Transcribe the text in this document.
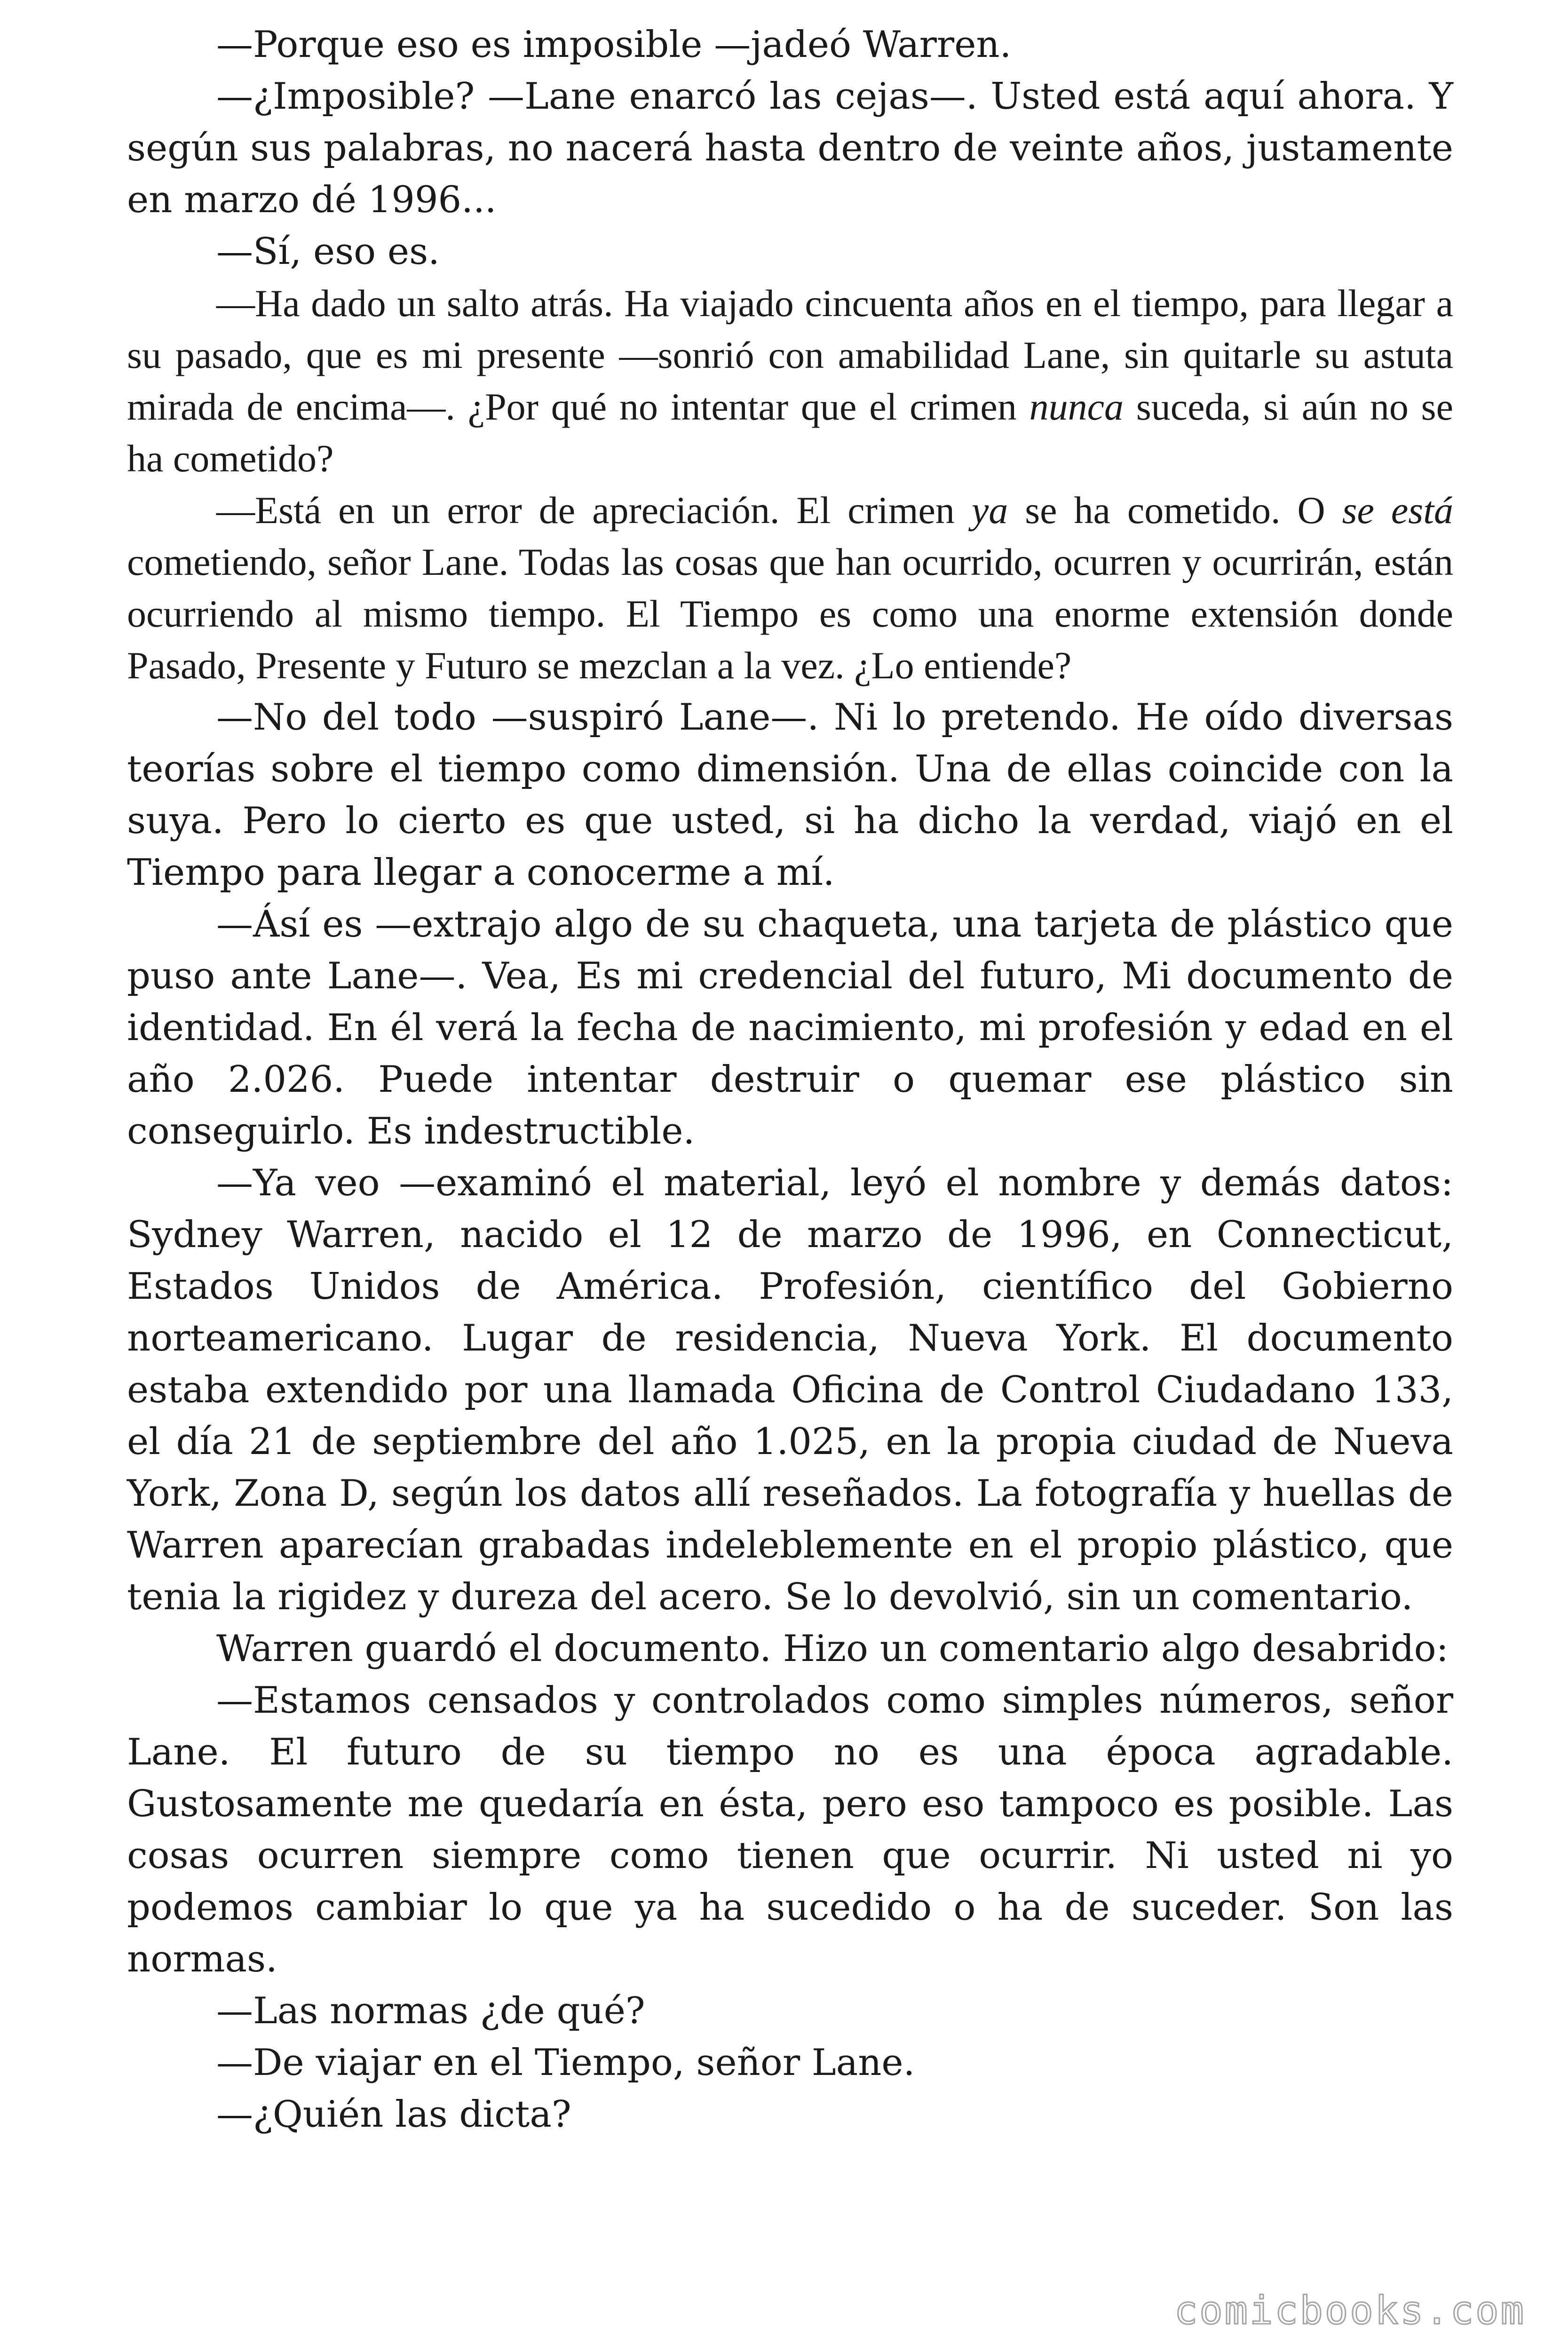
—Porque eso es imposible —jadeó Warren.

—¿Imposible? —Lane enarcó las cejas—. Usted está aquí ahora. Y según sus palabras, no nacerá hasta dentro de veinte años, justamente en marzo dé 1996...

—Sí, eso es.

—Ha dado un salto atrás. Ha viajado cincuenta años en el tiempo, para llegar a su pasado, que es mi presente —sonrió con amabilidad Lane, sin quitarle su astuta mirada de encima—. ¿Por qué no intentar que el crimen nunca suceda, si aún no se ha cometido?

—Está en un error de apreciación. El crimen ya se ha cometido. O se está cometiendo, señor Lane. Todas las cosas que han ocurrido, ocurren y ocurrirán, están ocurriendo al mismo tiempo. El Tiempo es como una enorme extensión donde Pasado, Presente y Futuro se mezclan a la vez. ¿Lo entiende?

—No del todo —suspiró Lane—. Ni lo pretendo. He oído diversas teorías sobre el tiempo como dimensión. Una de ellas coincide con la suya. Pero lo cierto es que usted, si ha dicho la verdad, viajó en el Tiempo para llegar a conocerme a mí.

—Ásí es —extrajo algo de su chaqueta, una tarjeta de plástico que puso ante Lane—. Vea, Es mi credencial del futuro, Mi documento de identidad. En él verá la fecha de nacimiento, mi profesión y edad en el año 2.026. Puede intentar destruir o quemar ese plástico sin conseguirlo. Es indestructible.

—Ya veo —examinó el material, leyó el nombre y demás datos: Sydney Warren, nacido el 12 de marzo de 1996, en Connecticut, Estados Unidos de América. Profesión, científico del Gobierno norteamericano. Lugar de residencia, Nueva York. El documento estaba extendido por una llamada Oficina de Control Ciudadano 133, el día 21 de septiembre del año 1.025, en la propia ciudad de Nueva York, Zona D, según los datos allí reseñados. La fotografía y huellas de Warren aparecían grabadas indeleblemente en el propio plástico, que tenia la rigidez y dureza del acero. Se lo devolvió, sin un comentario.

Warren guardó el documento. Hizo un comentario algo desabrido:

—Estamos censados y controlados como simples números, señor Lane. El futuro de su tiempo no es una época agradable. Gustosamente me quedaría en ésta, pero eso tampoco es posible. Las cosas ocurren siempre como tienen que ocurrir. Ni usted ni yo podemos cambiar lo que ya ha sucedido o ha de suceder. Son las normas.

—Las normas ¿de qué?

—De viajar en el Tiempo, señor Lane.

—¿Quién las dicta?

comicbooks.com
